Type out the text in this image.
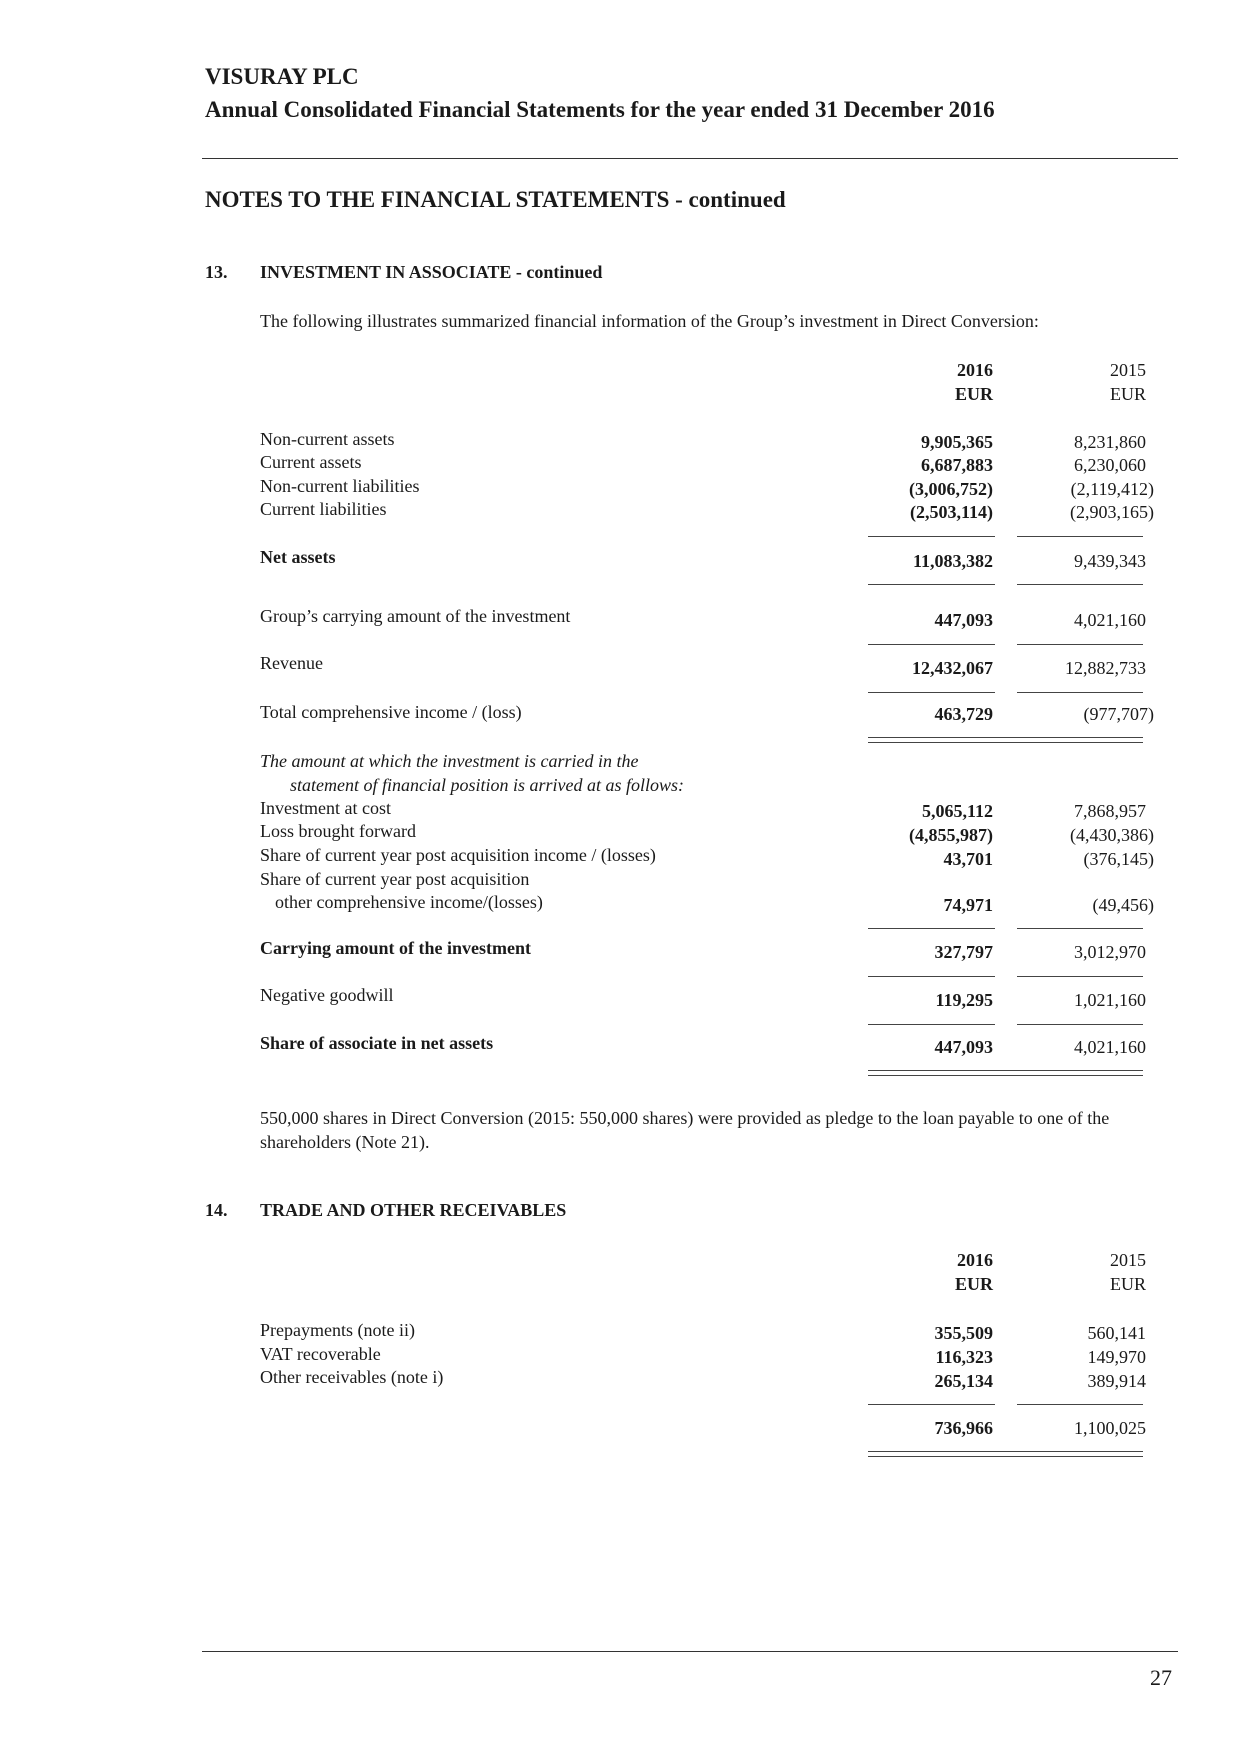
VISURAY PLC
Annual Consolidated Financial Statements for the year ended 31 December 2016
NOTES TO THE FINANCIAL STATEMENTS - continued
13. INVESTMENT IN ASSOCIATE - continued
The following illustrates summarized financial information of the Group’s investment in Direct Conversion:
2016	2015
EUR	EUR
Non-current assets	9,905,365	8,231,860
Current assets	6,687,883	6,230,060
Non-current liabilities	(3,006,752)	(2,119,412)
Current liabilities	(2,503,114)	(2,903,165)
Net assets	11,083,382	9,439,343
Group’s carrying amount of the investment	447,093	4,021,160
Revenue	12,432,067	12,882,733
Total comprehensive income / (loss)	463,729	(977,707)
The amount at which the investment is carried in the
statement of financial position is arrived at as follows:
Investment at cost	5,065,112	7,868,957
Loss brought forward	(4,855,987)	(4,430,386)
Share of current year post acquisition income / (losses)	43,701	(376,145)
Share of current year post acquisition
other comprehensive income/(losses)	74,971	(49,456)
Carrying amount of the investment	327,797	3,012,970
Negative goodwill	119,295	1,021,160
Share of associate in net assets	447,093	4,021,160
550,000 shares in Direct Conversion (2015: 550,000 shares) were provided as pledge to the loan payable to one of the shareholders (Note 21).
14. TRADE AND OTHER RECEIVABLES
2016	2015
EUR	EUR
Prepayments (note ii)	355,509	560,141
VAT recoverable	116,323	149,970
Other receivables (note i)	265,134	389,914
736,966	1,100,025
27
